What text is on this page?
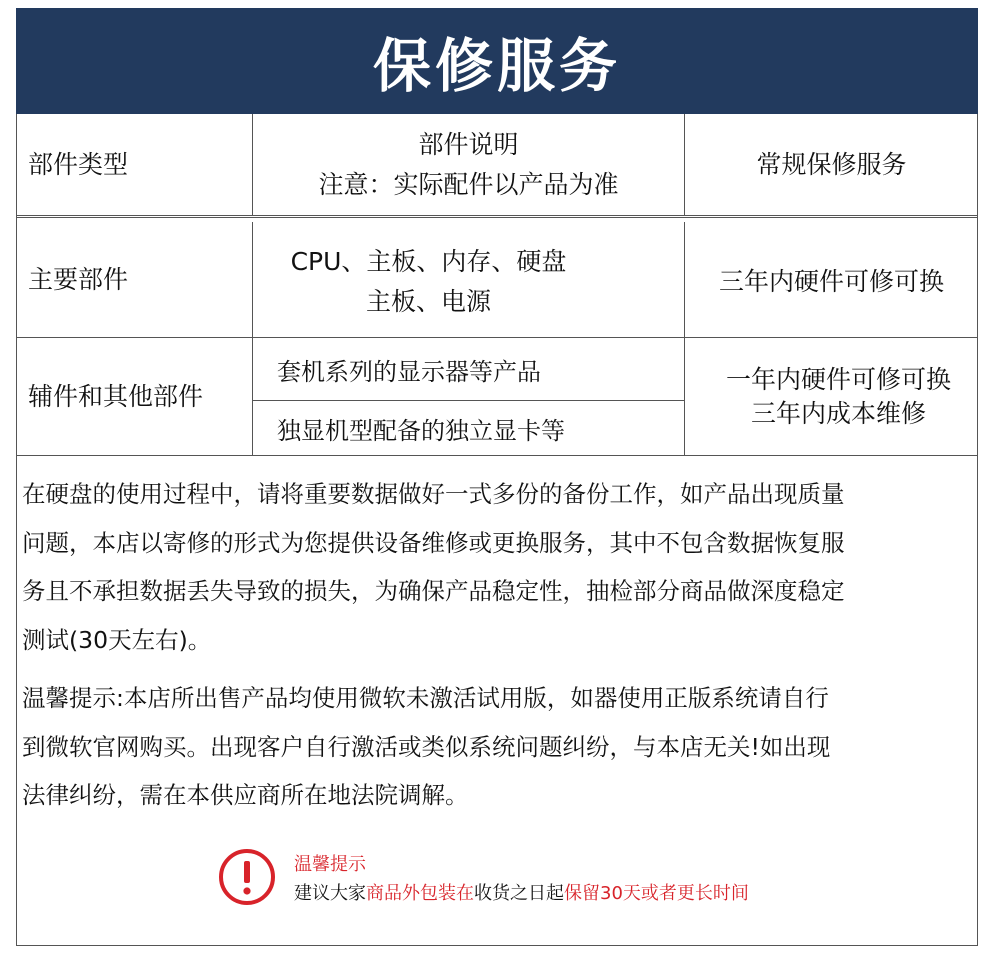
保修服务
部件类型
部件说明
注意：实际配件以产品为准
常规保修服务
主要部件
CPU、主板、内存、硬盘
主板、电源
三年内硬件可修可换
辅件和其他部件
套机系列的显示器等产品
独显机型配备的独立显卡等
一年内硬件可修可换
三年内成本维修
在硬盘的使用过程中，请将重要数据做好一式多份的备份工作，如产品出现质量
问题，本店以寄修的形式为您提供设备维修或更换服务，其中不包含数据恢复服
务且不承担数据丢失导致的损失，为确保产品稳定性，抽检部分商品做深度稳定
测试(30天左右)。
温馨提示:本店所出售产品均使用微软未激活试用版，如器使用正版系统请自行
到微软官网购买。出现客户自行激活或类似系统问题纠纷，与本店无关!如出现
法律纠纷，需在本供应商所在地法院调解。
温馨提示
建议大家商品外包装在收货之日起保留30天或者更长时间
